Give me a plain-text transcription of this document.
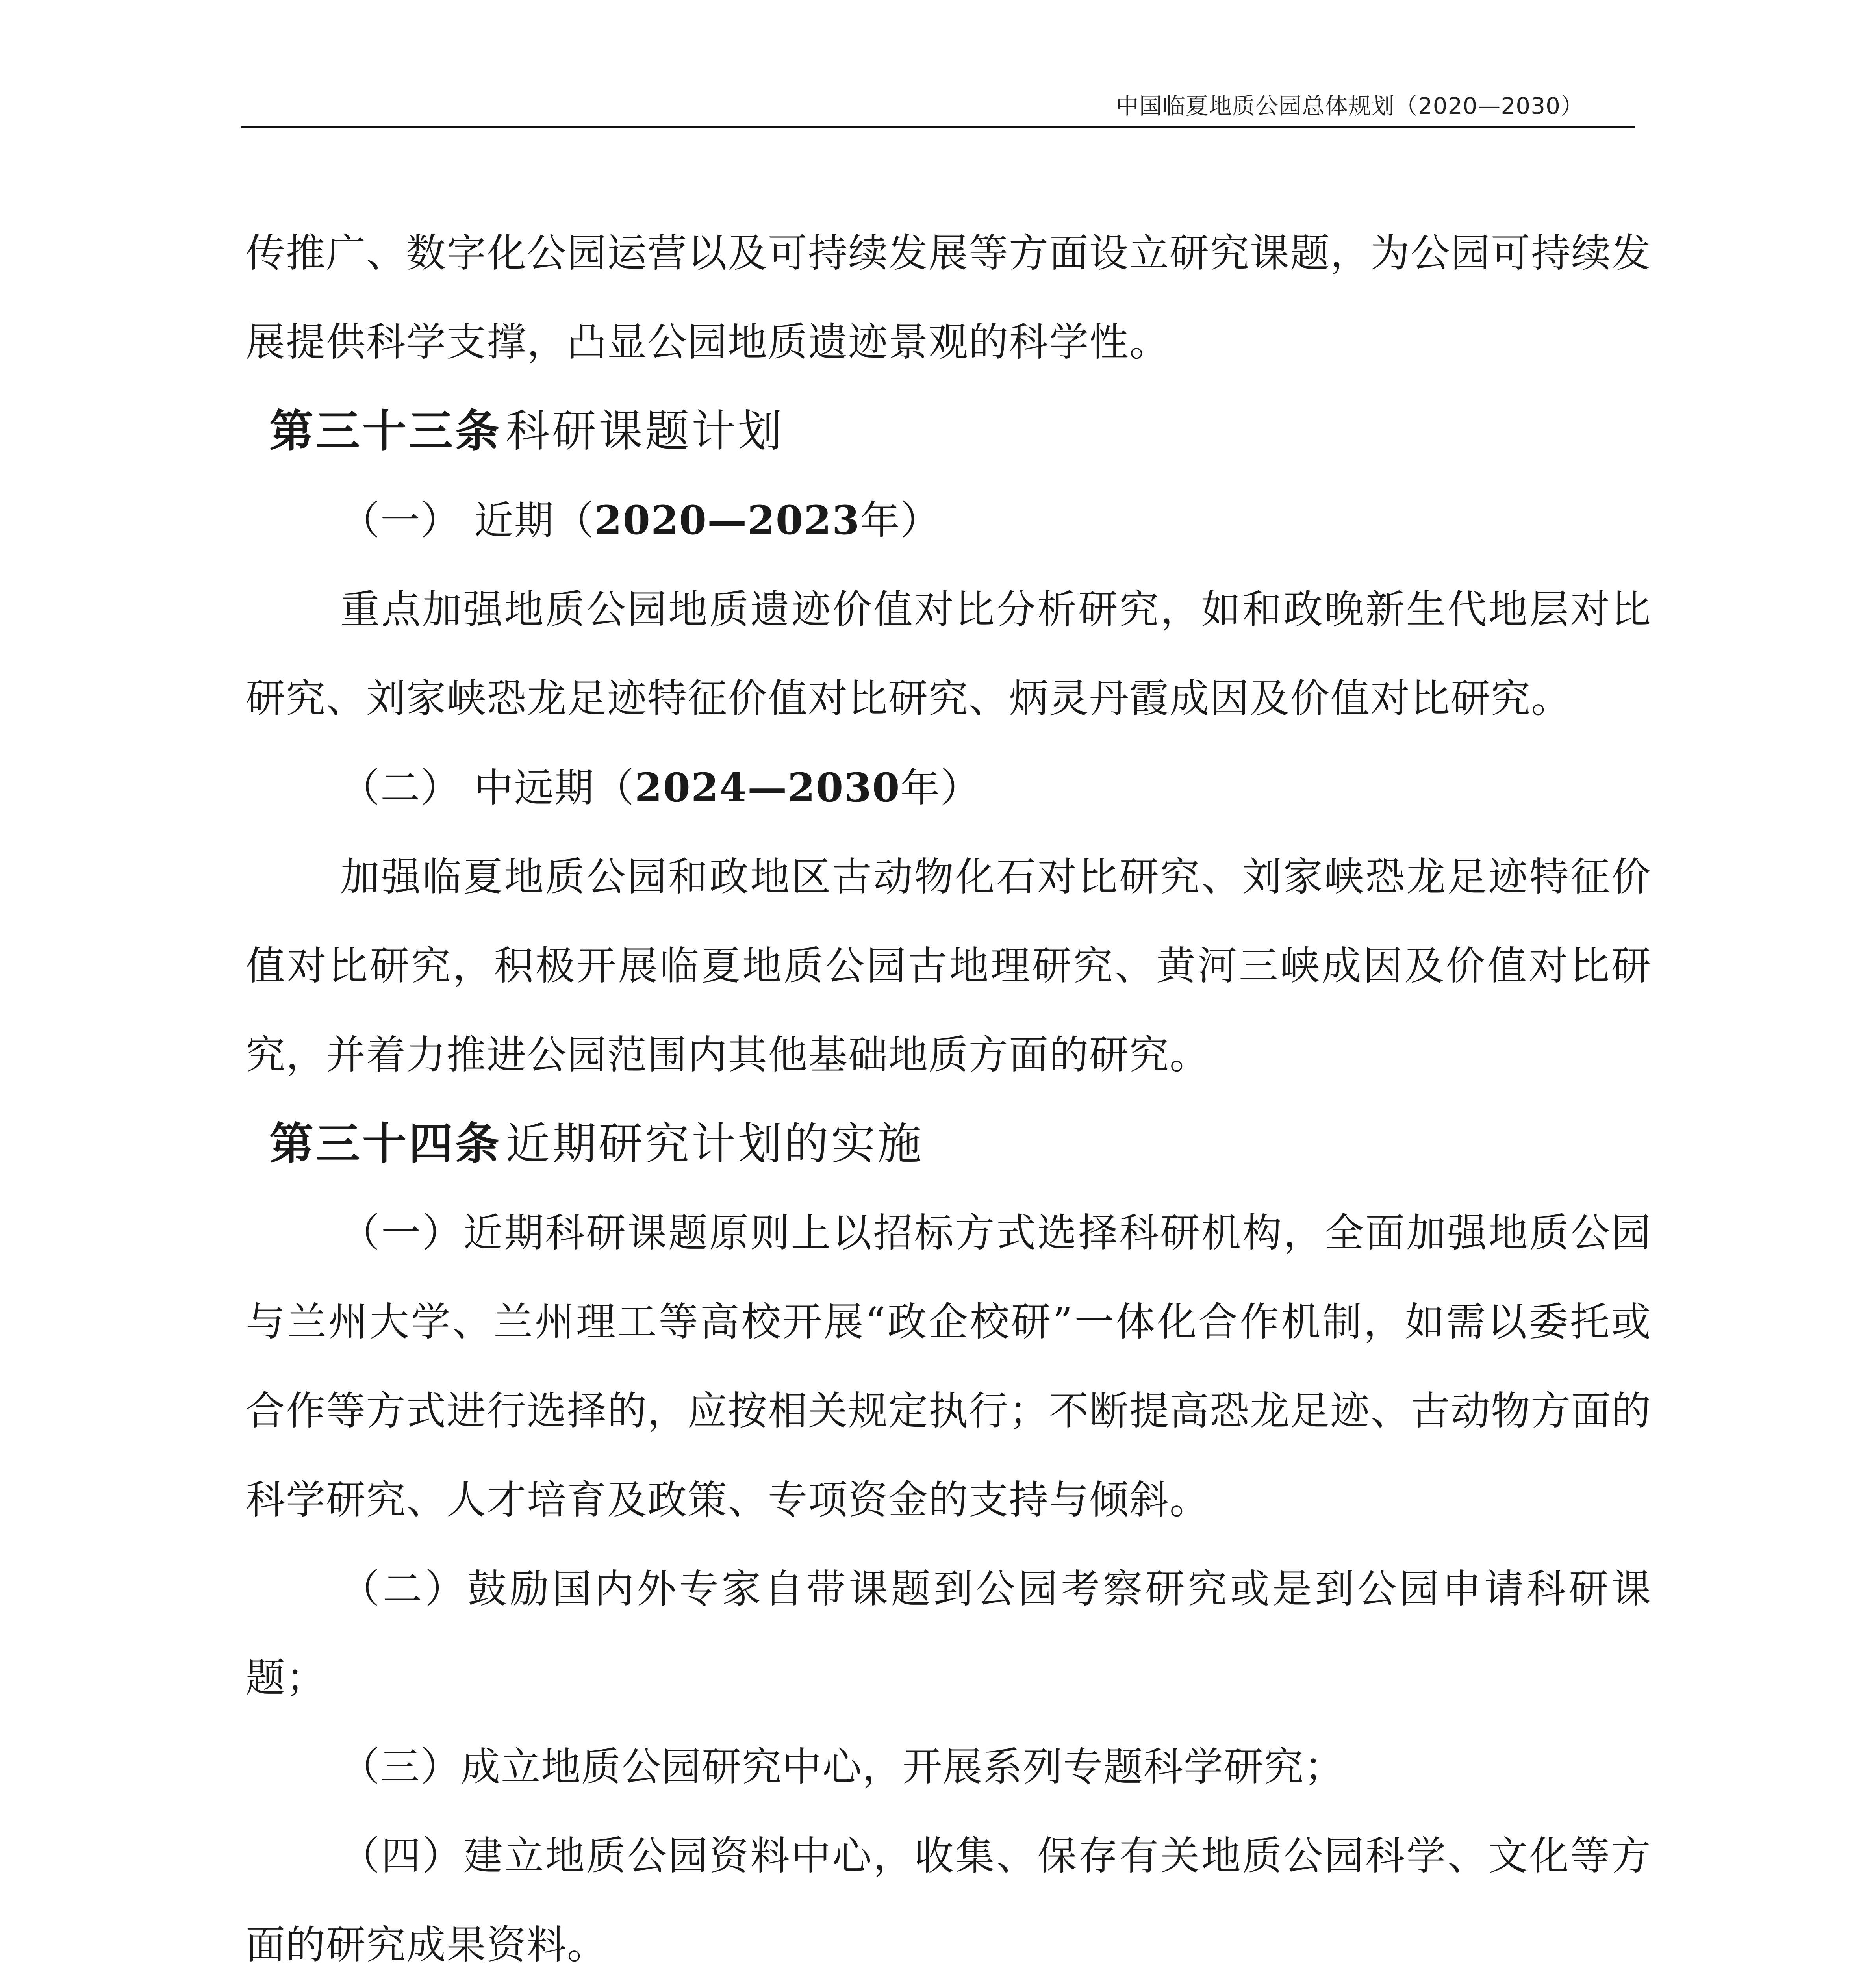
中国临夏地质公园总体规划（2020—2030）

传推广、数字化公园运营以及可持续发展等方面设立研究课题，为公园可持续发展提供科学支撑，凸显公园地质遗迹景观的科学性。

第三十三条科研课题计划

（一） 近期（2020—2023年）

重点加强地质公园地质遗迹价值对比分析研究，如和政晚新生代地层对比研究、刘家峡恐龙足迹特征价值对比研究、炳灵丹霞成因及价值对比研究。

（二） 中远期（2024—2030年）

加强临夏地质公园和政地区古动物化石对比研究、刘家峡恐龙足迹特征价值对比研究，积极开展临夏地质公园古地理研究、黄河三峡成因及价值对比研究，并着力推进公园范围内其他基础地质方面的研究。

第三十四条近期研究计划的实施

（一）近期科研课题原则上以招标方式选择科研机构，全面加强地质公园与兰州大学、兰州理工等高校开展“政企校研”一体化合作机制，如需以委托或合作等方式进行选择的，应按相关规定执行；不断提高恐龙足迹、古动物方面的科学研究、人才培育及政策、专项资金的支持与倾斜。

（二）鼓励国内外专家自带课题到公园考察研究或是到公园申请科研课题；

（三）成立地质公园研究中心，开展系列专题科学研究；

（四）建立地质公园资料中心，收集、保存有关地质公园科学、文化等方面的研究成果资料。
